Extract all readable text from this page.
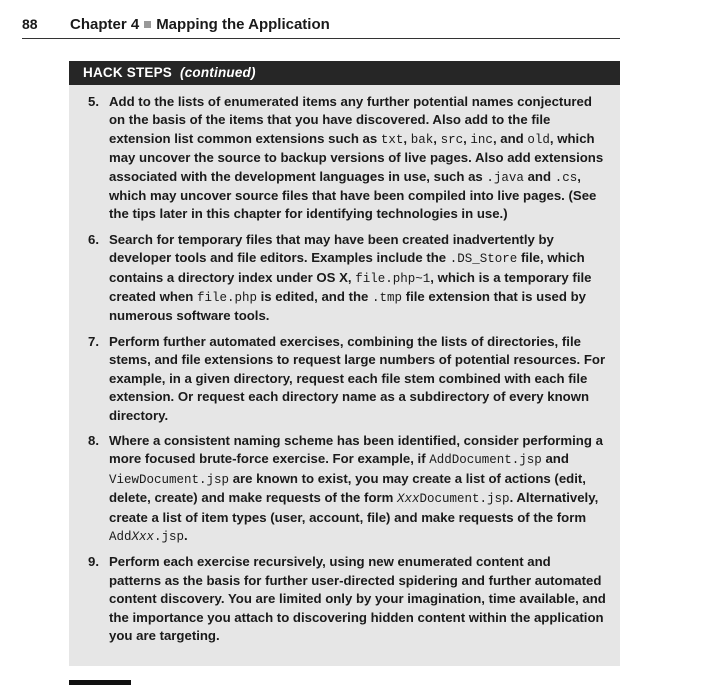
88	Chapter 4 Mapping the Application
HACK STEPS (continued)
5. Add to the lists of enumerated items any further potential names conjectured on the basis of the items that you have discovered. Also add to the file extension list common extensions such as txt, bak, src, inc, and old, which may uncover the source to backup versions of live pages. Also add extensions associated with the development languages in use, such as .java and .cs, which may uncover source files that have been compiled into live pages. (See the tips later in this chapter for identifying technologies in use.)
6. Search for temporary files that may have been created inadvertently by developer tools and file editors. Examples include the .DS_Store file, which contains a directory index under OS X, file.php~1, which is a temporary file created when file.php is edited, and the .tmp file extension that is used by numerous software tools.
7. Perform further automated exercises, combining the lists of directories, file stems, and file extensions to request large numbers of potential resources. For example, in a given directory, request each file stem combined with each file extension. Or request each directory name as a subdirectory of every known directory.
8. Where a consistent naming scheme has been identified, consider performing a more focused brute-force exercise. For example, if AddDocument.jsp and ViewDocument.jsp are known to exist, you may create a list of actions (edit, delete, create) and make requests of the form XxxDocument.jsp. Alternatively, create a list of item types (user, account, file) and make requests of the form AddXxx.jsp.
9. Perform each exercise recursively, using new enumerated content and patterns as the basis for further user-directed spidering and further automated content discovery. You are limited only by your imagination, time available, and the importance you attach to discovering hidden content within the application you are targeting.
